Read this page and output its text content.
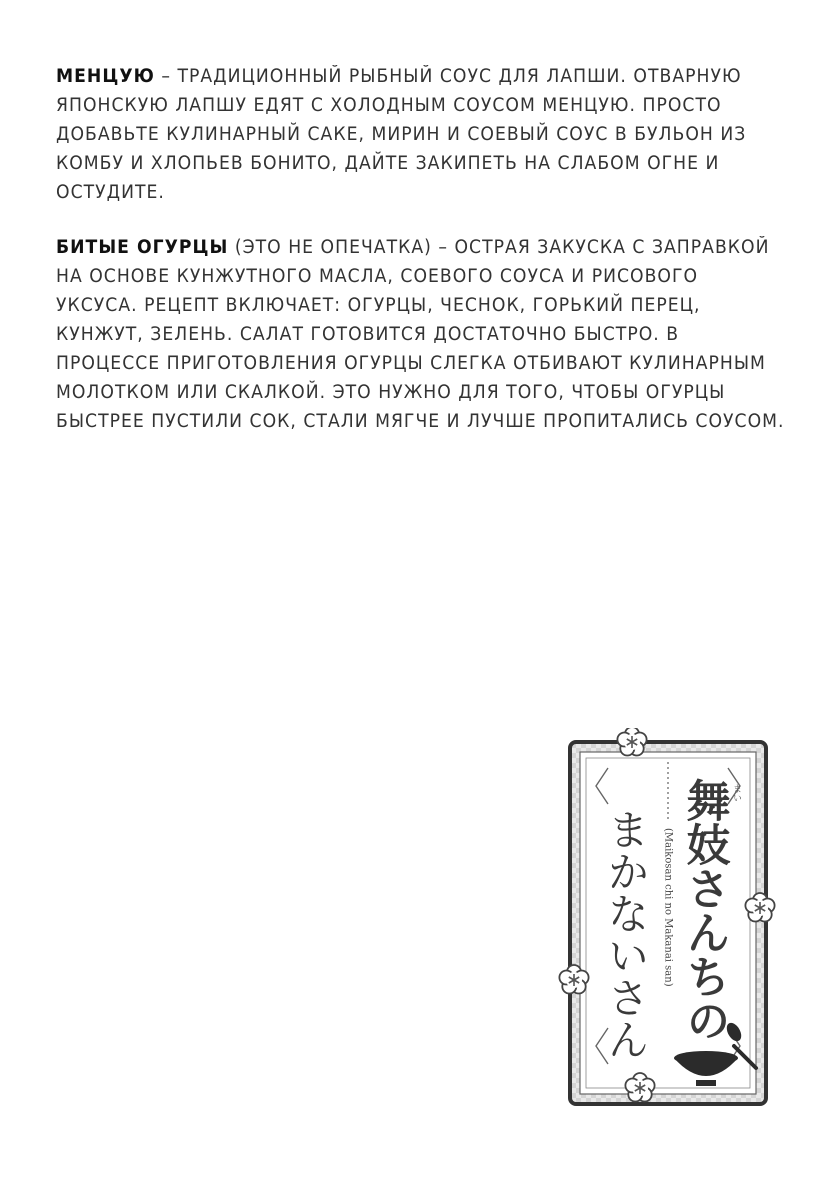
МЕНЦУЮ – ТРАДИЦИОННЫЙ РЫБНЫЙ СОУС ДЛЯ ЛАПШИ. ОТВАРНУЮ ЯПОНСКУЮ ЛАПШУ ЕДЯТ С ХОЛОДНЫМ СОУСОМ МЕНЦУЮ. ПРОСТО ДОБАВЬТЕ КУЛИНАРНЫЙ САКЕ, МИРИН И СОЕВЫЙ СОУС В БУЛЬОН ИЗ КОМБУ И ХЛОПЬЕВ БОНИТО, ДАЙТЕ ЗАКИПЕТЬ НА СЛАБОМ ОГНЕ И ОСТУДИТЕ.

БИТЫЕ ОГУРЦЫ (ЭТО НЕ ОПЕЧАТКА) – ОСТРАЯ ЗАКУСКА С ЗАПРАВКОЙ НА ОСНОВЕ КУНЖУТНОГО МАСЛА, СОЕВОГО СОУСА И РИСОВОГО УКСУСА. РЕЦЕПТ ВКЛЮЧАЕТ: ОГУРЦЫ, ЧЕСНОК, ГОРЬКИЙ ПЕРЕЦ, КУНЖУТ, ЗЕЛЕНЬ. САЛАТ ГОТОВИТСЯ ДОСТАТОЧНО БЫСТРО. В ПРОЦЕССЕ ПРИГОТОВЛЕНИЯ ОГУРЦЫ СЛЕГКА ОТБИВАЮТ КУЛИНАРНЫМ МОЛОТКОМ ИЛИ СКАЛКОЙ. ЭТО НУЖНО ДЛЯ ТОГО, ЧТОБЫ ОГУРЦЫ БЫСТРЕЕ ПУСТИЛИ СОК, СТАЛИ МЯГЧЕ И ЛУЧШЕ ПРОПИТАЛИСЬ СОУСОМ.

舞妓さんちの
まかないさん
まい
(Maikosan chi no Makanai san)
